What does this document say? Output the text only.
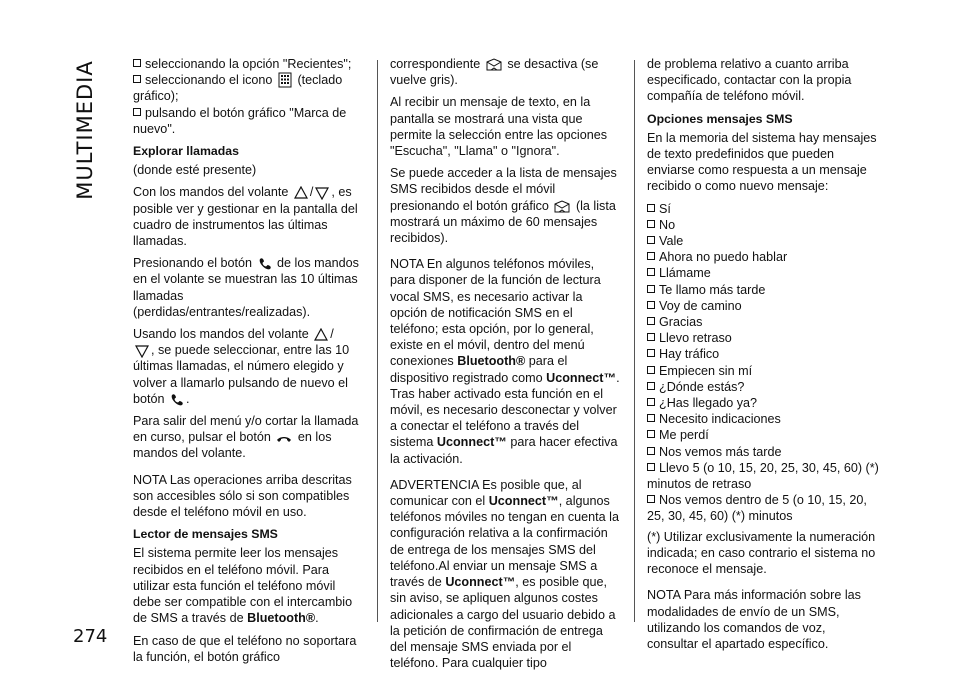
MULTIMEDIA
274
seleccionando la opción "Recientes";
seleccionando el icono (teclado gráfico);
pulsando el botón gráfico "Marca de nuevo".
Explorar llamadas

(donde esté presente)

Con los mandos del volante / , es posible ver y gestionar en la pantalla del cuadro de instrumentos las últimas llamadas.

Presionando el botón de los mandos en el volante se muestran las 10 últimas llamadas (perdidas/entrantes/realizadas).

Usando los mandos del volante /
, se puede seleccionar, entre las 10 últimas llamadas, el número elegido y volver a llamarlo pulsando de nuevo el botón .

Para salir del menú y/o cortar la llamada en curso, pulsar el botón en los mandos del volante.

NOTA Las operaciones arriba descritas son accesibles sólo si son compatibles desde el teléfono móvil en uso.

Lector de mensajes SMS

El sistema permite leer los mensajes recibidos en el teléfono móvil. Para utilizar esta función el teléfono móvil debe ser compatible con el intercambio de SMS a través de Bluetooth®.

En caso de que el teléfono no soportara la función, el botón gráfico

correspondiente se desactiva (se vuelve gris).

Al recibir un mensaje de texto, en la pantalla se mostrará una vista que permite la selección entre las opciones "Escucha", "Llama" o "Ignora".

Se puede acceder a la lista de mensajes SMS recibidos desde el móvil presionando el botón gráfico (la lista mostrará un máximo de 60 mensajes recibidos).

NOTA En algunos teléfonos móviles, para disponer de la función de lectura vocal SMS, es necesario activar la opción de notificación SMS en el teléfono; esta opción, por lo general, existe en el móvil, dentro del menú conexiones Bluetooth® para el dispositivo registrado como Uconnect™. Tras haber activado esta función en el móvil, es necesario desconectar y volver a conectar el teléfono a través del sistema Uconnect™ para hacer efectiva la activación.

ADVERTENCIA Es posible que, al comunicar con el Uconnect™, algunos teléfonos móviles no tengan en cuenta la configuración relativa a la confirmación de entrega de los mensajes SMS del teléfono.Al enviar un mensaje SMS a través de Uconnect™, es posible que, sin aviso, se apliquen algunos costes adicionales a cargo del usuario debido a la petición de confirmación de entrega del mensaje SMS enviada por el teléfono. Para cualquier tipo

de problema relativo a cuanto arriba especificado, contactar con la propia compañía de teléfono móvil.

Opciones mensajes SMS

En la memoria del sistema hay mensajes de texto predefinidos que pueden enviarse como respuesta a un mensaje recibido o como nuevo mensaje:

Sí
No
Vale
Ahora no puedo hablar
Llámame
Te llamo más tarde
Voy de camino
Gracias
Llevo retraso
Hay tráfico
Empiecen sin mí
¿Dónde estás?
¿Has llegado ya?
Necesito indicaciones
Me perdí
Nos vemos más tarde
Llevo 5 (o 10, 15, 20, 25, 30, 45, 60) (*) minutos de retraso
Nos vemos dentro de 5 (o 10, 15, 20, 25, 30, 45, 60) (*) minutos

(*) Utilizar exclusivamente la numeración indicada; en caso contrario el sistema no reconoce el mensaje.

NOTA Para más información sobre las modalidades de envío de un SMS, utilizando los comandos de voz, consultar el apartado específico.
